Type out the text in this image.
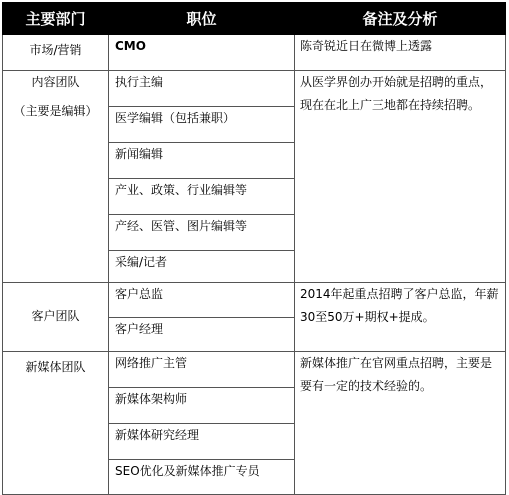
主要部门	职位	备注及分析

市场/营销	CMO	陈奇锐近日在微博上透露

内容团队
（主要是编辑）	执行主编	从医学界创办开始就是招聘的重点，现在在北上广三地都在持续招聘。

	医学编辑（包括兼职）	
	新闻编辑	
	产业、政策、行业编辑等	
	产经、医管、图片编辑等	
	采编/记者	

客户团队	客户总监	2014年起重点招聘了客户总监，年薪30至50万+期权+提成。

	客户经理	

新媒体团队	网络推广主管	新媒体推广在官网重点招聘，主要是要有一定的技术经验的。

	新媒体架构师	
	新媒体研究经理	
	SEO优化及新媒体推广专员	
